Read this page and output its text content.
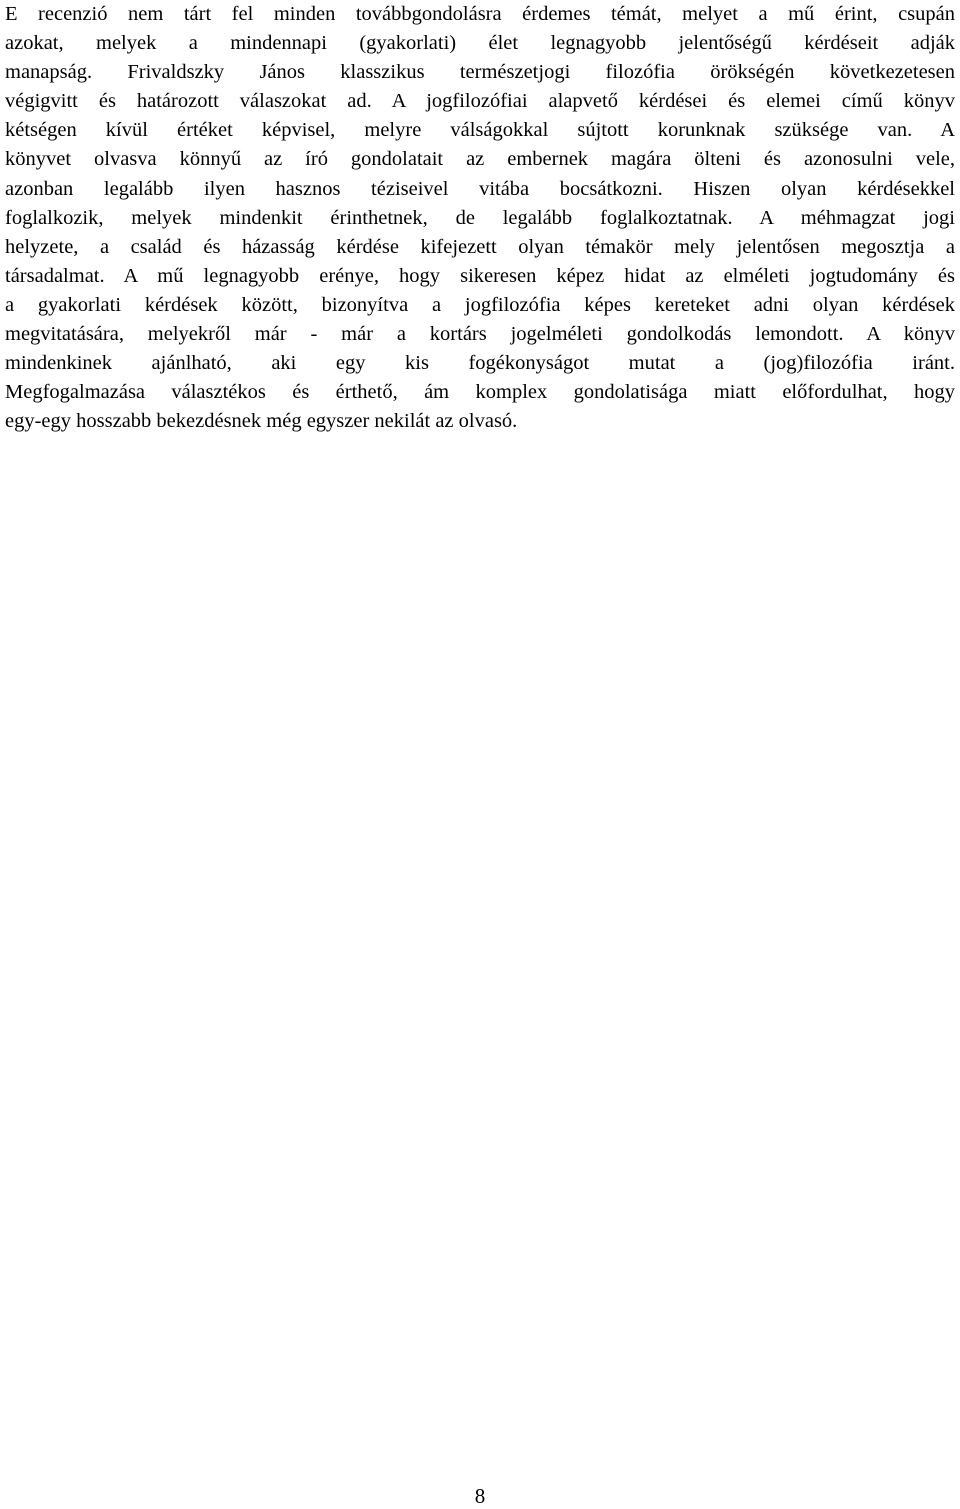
E recenzió nem tárt fel minden továbbgondolásra érdemes témát, melyet a mű érint, csupán
azokat, melyek a mindennapi (gyakorlati) élet legnagyobb jelentőségű kérdéseit adják
manapság. Frivaldszky János klasszikus természetjogi filozófia örökségén következetesen
végigvitt és határozott válaszokat ad. A jogfilozófiai alapvető kérdései és elemei című könyv
kétségen kívül értéket képvisel, melyre válságokkal sújtott korunknak szüksége van. A
könyvet olvasva könnyű az író gondolatait az embernek magára ölteni és azonosulni vele,
azonban legalább ilyen hasznos téziseivel vitába bocsátkozni. Hiszen olyan kérdésekkel
foglalkozik, melyek mindenkit érinthetnek, de legalább foglalkoztatnak. A méhmagzat jogi
helyzete, a család és házasság kérdése kifejezett olyan témakör mely jelentősen megosztja a
társadalmat. A mű legnagyobb erénye, hogy sikeresen képez hidat az elméleti jogtudomány és
a gyakorlati kérdések között, bizonyítva a jogfilozófia képes kereteket adni olyan kérdések
megvitatására, melyekről már - már a kortárs jogelméleti gondolkodás lemondott. A könyv
mindenkinek ajánlható, aki egy kis fogékonyságot mutat a (jog)filozófia iránt.
Megfogalmazása választékos és érthető, ám komplex gondolatisága miatt előfordulhat, hogy
egy-egy hosszabb bekezdésnek még egyszer nekilát az olvasó.
8
